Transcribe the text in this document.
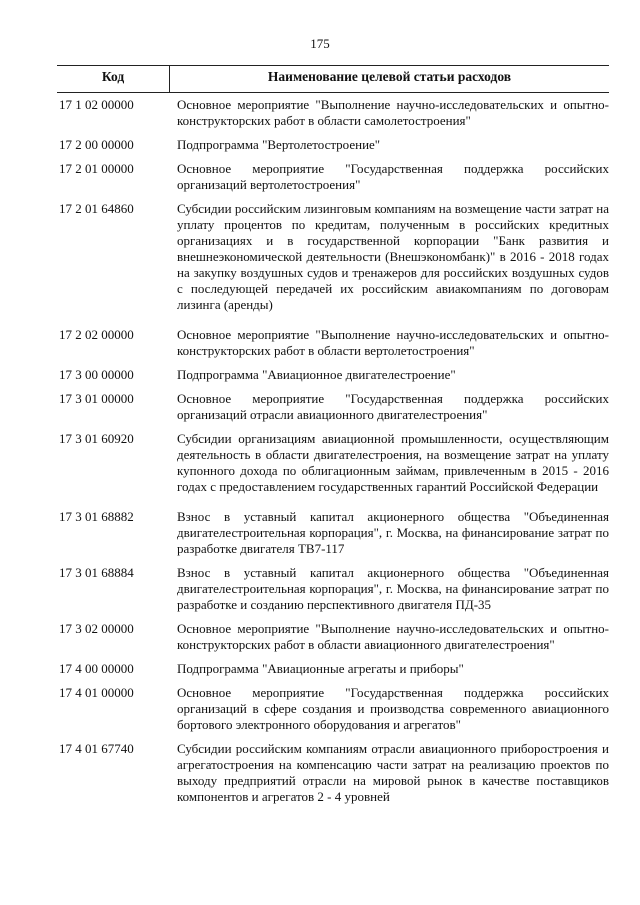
175
Код	Наименование целевой статьи расходов
17 1 02 00000	Основное мероприятие "Выполнение научно-исследовательских и опытно-конструкторских работ в области самолетостроения"
17 2 00 00000	Подпрограмма "Вертолетостроение"
17 2 01 00000	Основное мероприятие "Государственная поддержка российских организаций вертолетостроения"
17 2 01 64860	Субсидии российским лизинговым компаниям на возмещение части затрат на уплату процентов по кредитам, полученным в российских кредитных организациях и в государственной корпорации "Банк развития и внешнеэкономической деятельности (Внешэкономбанк)" в 2016 - 2018 годах на закупку воздушных судов и тренажеров для российских воздушных судов с последующей передачей их российским авиакомпаниям по договорам лизинга (аренды)
17 2 02 00000	Основное мероприятие "Выполнение научно-исследовательских и опытно-конструкторских работ в области вертолетостроения"
17 3 00 00000	Подпрограмма "Авиационное двигателестроение"
17 3 01 00000	Основное мероприятие "Государственная поддержка российских организаций отрасли авиационного двигателестроения"
17 3 01 60920	Субсидии организациям авиационной промышленности, осуществляющим деятельность в области двигателестроения, на возмещение затрат на уплату купонного дохода по облигационным займам, привлеченным в 2015 - 2016 годах с предоставлением государственных гарантий Российской Федерации
17 3 01 68882	Взнос в уставный капитал акционерного общества "Объединенная двигателестроительная корпорация", г. Москва, на финансирование затрат по разработке двигателя ТВ7-117
17 3 01 68884	Взнос в уставный капитал акционерного общества "Объединенная двигателестроительная корпорация", г. Москва, на финансирование затрат по разработке и созданию перспективного двигателя ПД-35
17 3 02 00000	Основное мероприятие "Выполнение научно-исследовательских и опытно-конструкторских работ в области авиационного двигателестроения"
17 4 00 00000	Подпрограмма "Авиационные агрегаты и приборы"
17 4 01 00000	Основное мероприятие "Государственная поддержка российских организаций в сфере создания и производства современного авиационного бортового электронного оборудования и агрегатов"
17 4 01 67740	Субсидии российским компаниям отрасли авиационного приборостроения и агрегатостроения на компенсацию части затрат на реализацию проектов по выходу предприятий отрасли на мировой рынок в качестве поставщиков компонентов и агрегатов 2 - 4 уровней
